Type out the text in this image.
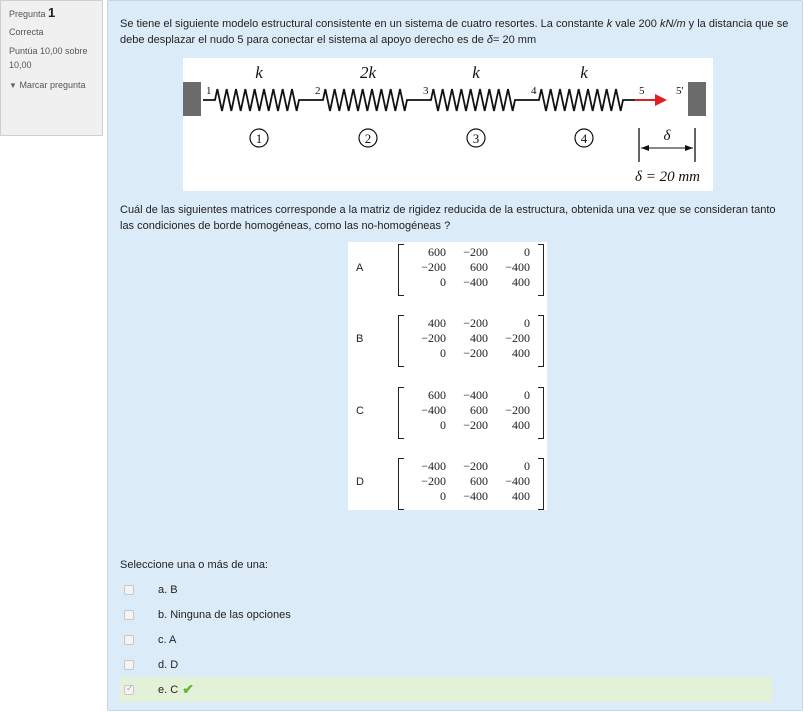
Pregunta 1
Correcta
Puntúa 10,00 sobre 10,00
▼ Marcar pregunta
Se tiene el siguiente modelo estructural consistente en un sistema de cuatro resortes. La constante k vale 200 kN/m y la distancia que se debe desplazar el nudo 5 para conectar el sistema al apoyo derecho es de δ= 20 mm
1	2	3	4	5	5'
k	2k	k	k
1	2	3	4	δ
δ = 20 mm
Cuál de las siguientes matrices corresponde a la matriz de rigidez reducida de la estructura, obtenida una vez que se consideran tanto las condiciones de borde homogéneas, como las no-homogéneas ?
A
600	−200	0
−200	600	−400
0	−400	400
B
400	−200	0
−200	400	−200
0	−200	400
C
600	−400	0
−400	600	−200
0	−200	400
D
−400	−200	0
−200	600	−400
0	−400	400
Seleccione una o más de una:
a. B
b. Ninguna de las opciones
c. A
d. D
✓
e. C ✔
